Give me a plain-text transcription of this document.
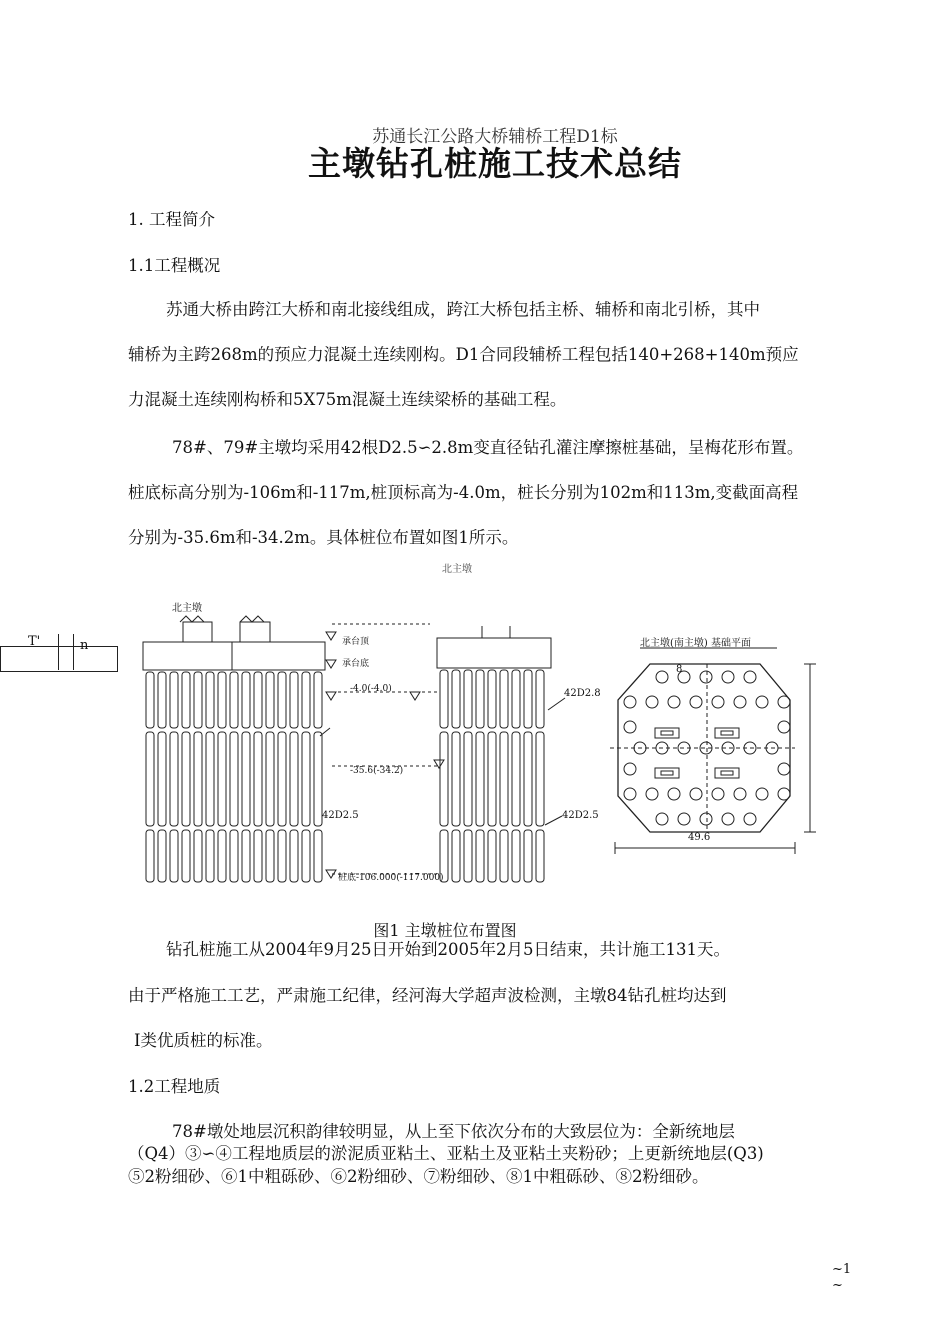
苏通长江公路大桥辅桥工程D1标
主墩钻孔桩施工技术总结
1. 工程简介
1.1工程概况
苏通大桥由跨江大桥和南北接线组成，跨江大桥包括主桥、辅桥和南北引桥，其中
辅桥为主跨268m的预应力混凝土连续刚构。D1合同段辅桥工程包括140+268+140m预应
力混凝土连续刚构桥和5X75m混凝土连续梁桥的基础工程。
78#、79#主墩均采用42根D2.5∽2.8m变直径钻孔灌注摩擦桩基础，呈梅花形布置。
桩底标高分别为-106m和-117m,桩顶标高为-4.0m，桩长分别为102m和113m,变截面高程
分别为-35.6m和-34.2m。具体桩位布置如图1所示。
北主墩
北主墩
T'	n	承台顶
承台底
-4.0(-4.0)
-35.6(-34.2)
42D2.8
42D2.5	42D2.5
桩底-106.000(-117.000)
北主墩(南主墩) 基础平面
49.6
8
图1 主墩桩位布置图
钻孔桩施工从2004年9月25日开始到2005年2月5日结束，共计施工131天。
由于严格施工工艺，严肃施工纪律，经河海大学超声波检测，主墩84钻孔桩均达到
Ⅰ类优质桩的标准。
1.2工程地质
78#墩处地层沉积韵律较明显，从上至下依次分布的大致层位为：全新统地层
（Q4）③∽④工程地质层的淤泥质亚粘土、亚粘土及亚粘土夹粉砂；上更新统地层(Q3)
⑤2粉细砂、⑥1中粗砾砂、⑥2粉细砂、⑦粉细砂、⑧1中粗砾砂、⑧2粉细砂。
~1
~
